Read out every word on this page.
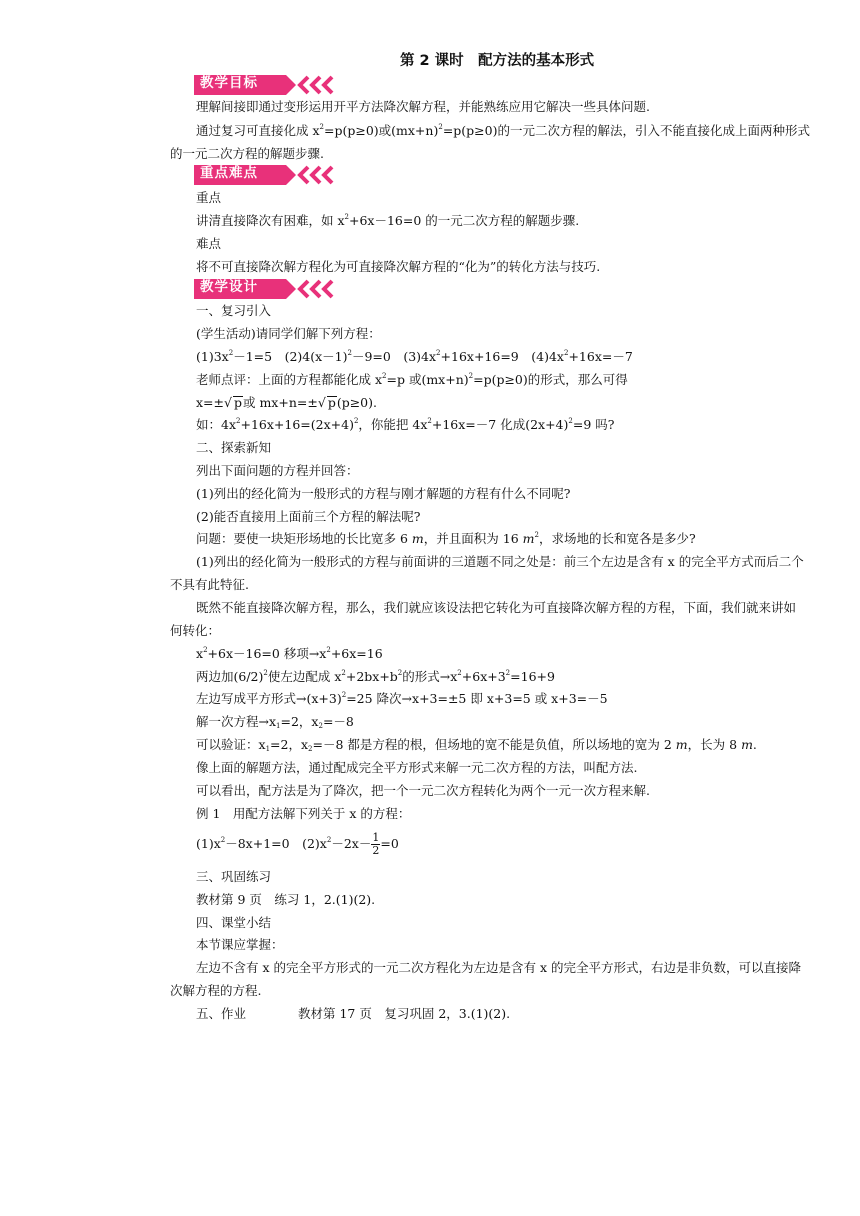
第 2 课时　配方法的基本形式
教学目标
理解间接即通过变形运用开平方法降次解方程，并能熟练应用它解决一些具体问题.
通过复习可直接化成 $x^2=p(p\ge 0)$或$(mx+n)^2=p(p\ge 0)$的一元二次方程的解法，引入不能直接化成上面两种形式
的一元二次方程的解题步骤.
重点难点
重点
讲清直接降次有困难，如 $x^2+6x-16=0$ 的一元二次方程的解题步骤.
难点
将不可直接降次解方程化为可直接降次解方程的“化为”的转化方法与技巧.
教学设计
一、复习引入
(学生活动)请同学们解下列方程：
$(1)3x^2-1=5$　$(2)4(x-1)^2-9=0$　$(3)4x^2+16x+16=9$　$(4)4x^2+16x=-7$
老师点评：上面的方程都能化成 $x^2=p$ 或$(mx+n)^2=p(p\ge 0)$的形式，那么可得
x=±√ p或 mx+n=±√ p(p≥0).
如：$4x^2+16x+16=(2x+4)^2$，你能把 $4x^2+16x=-7$ 化成$(2x+4)^2=9$ 吗?
二、探索新知
列出下面问题的方程并回答：
(1)列出的经化简为一般形式的方程与刚才解题的方程有什么不同呢?
(2)能否直接用上面前三个方程的解法呢?
问题：要使一块矩形场地的长比宽多 6 m，并且面积为 16 $m^2$，求场地的长和宽各是多少?
(1)列出的经化简为一般形式的方程与前面讲的三道题不同之处是：前三个左边是含有 x 的完全平方式而后二个
不具有此特征.
既然不能直接降次解方程，那么，我们就应该设法把它转化为可直接降次解方程的方程，下面，我们就来讲如
何转化：
$x^2+6x-16=0$ 移项$\to x^2+6x=16$
两边加$(6/2)^2$使左边配成 $x^2+2bx+b^2$的形式$\to x^2+6x+3^2=16+9$
左边写成平方形式$\to(x+3)^2=25$ 降次→x+3=±5 即 x+3=5 或 x+3=－5
解一次方程$\to x_1=2$，$x_2=-8$
可以验证：$x_1=2$，$x_2=-8$ 都是方程的根，但场地的宽不能是负值，所以场地的宽为 2 m，长为 8 m.
像上面的解题方法，通过配成完全平方形式来解一元二次方程的方法，叫配方法.
可以看出，配方法是为了降次，把一个一元二次方程转化为两个一元一次方程来解.
例 1　用配方法解下列关于 x 的方程：
$(1)x^2-8x+1=0$　$(2)x^2-2x- \frac{1}{2} =0$
三、巩固练习
教材第 9 页　练习 1，2.(1)(2).
四、课堂小结
本节课应掌握：
左边不含有 x 的完全平方形式的一元二次方程化为左边是含有 x 的完全平方形式，右边是非负数，可以直接降
次解方程的方程.
五、作业	教材第 17 页　复习巩固 2，3.(1)(2).
